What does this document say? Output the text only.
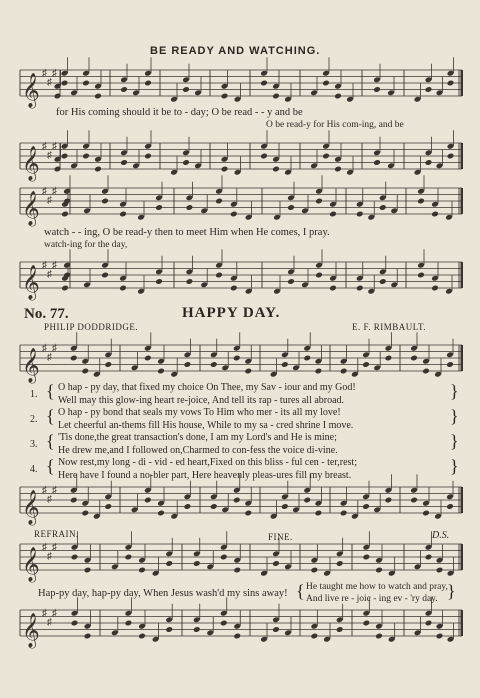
𝄞 ♯
♯
♯
𝄞 ♯
♯
♯
𝄞 ♯
♯
♯
𝄞 ♯
♯
♯
𝄞 ♯
♯
♯
𝄞 ♯
♯
♯
𝄞 ♯
♯
♯
𝄞 ♯
♯
♯
BE READY AND WATCHING.
for His coming should it be to - day; O be read - - y and be
O be read-y for His com-ing, and be
watch - - ing, O be read-y then to meet Him when He comes, I pray.
watch-ing for the day,
No. 77.	HAPPY DAY.
PHILIP DODDRIDGE.	E. F. RIMBAULT.
{
1.
O hap - py day, that fixed my choice On Thee, my Sav - iour and my God!
Well may this glow-ing heart re-joice, And tell its rap - tures all abroad.	}
{
2.
O hap - py bond that seals my vows To Him who mer - its all my love!
Let cheerful an-thems fill His house, While to my sa - cred shrine I move.	}
{
3.
'Tis done,the great transaction's done, I am my Lord's and He is mine;
He drew me,and I followed on,Charmed to con-fess the voice di-vine.	}
{
4.
Now rest,my long - di - vid - ed heart,Fixed on this bliss - ful cen - ter,rest;
Here have I found a no-bler part, Here heavenly pleas-ures fill my breast.	}
REFRAIN.	FINE.	D.S.
Hap-py day, hap-py day, When Jesus wash'd my sins away! { He taught me how to watch and pray,
And live re - joic - ing ev - 'ry day. }
